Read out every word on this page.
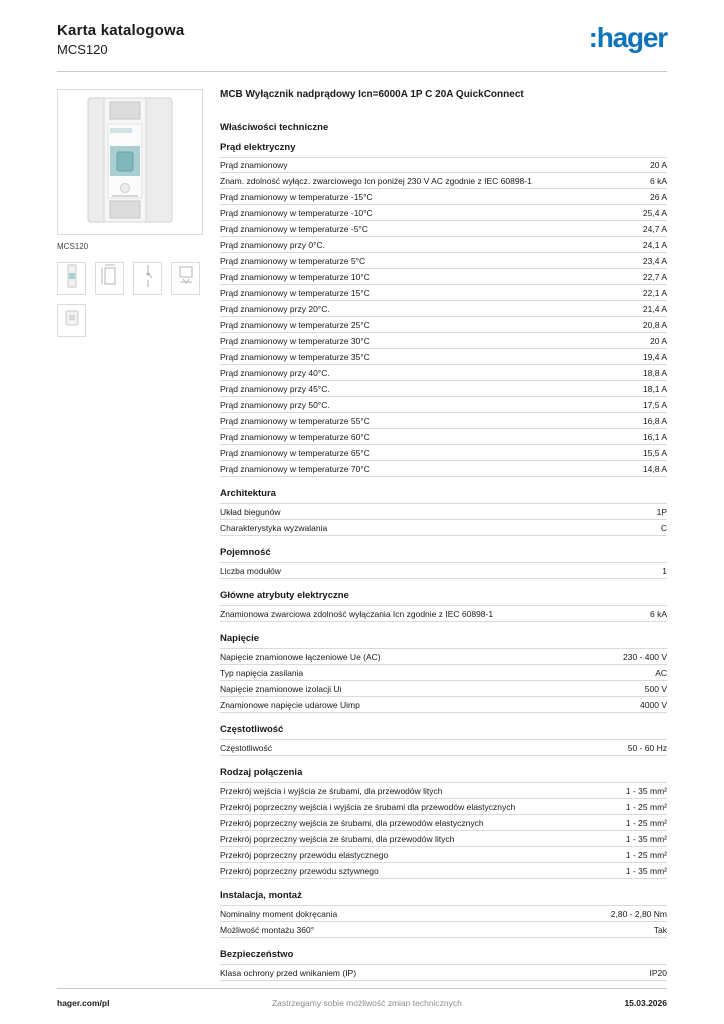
Karta katalogowa
MCS120	:hager
MCS120
MCB Wyłącznik nadprądowy Icn=6000A 1P C 20A QuickConnect
Właściwości techniczne
Prąd elektryczny
Prąd znamionowy	20 A
Znam. zdolność wyłącz. zwarciowego Icn poniżej 230 V AC zgodnie z IEC 60898-1	6 kA
Prąd znamionowy w temperaturze -15°C	26 A
Prąd znamionowy w temperaturze -10°C	25,4 A
Prąd znamionowy w temperaturze -5°C	24,7 A
Prąd znamionowy przy 0°C.	24,1 A
Prąd znamionowy w temperaturze 5°C	23,4 A
Prąd znamionowy w temperaturze 10°C	22,7 A
Prąd znamionowy w temperaturze 15°C	22,1 A
Prąd znamionowy przy 20°C.	21,4 A
Prąd znamionowy w temperaturze 25°C	20,8 A
Prąd znamionowy w temperaturze 30°C	20 A
Prąd znamionowy w temperaturze 35°C	19,4 A
Prąd znamionowy przy 40°C.	18,8 A
Prąd znamionowy przy 45°C.	18,1 A
Prąd znamionowy przy 50°C.	17,5 A
Prąd znamionowy w temperaturze 55°C	16,8 A
Prąd znamionowy w temperaturze 60°C	16,1 A
Prąd znamionowy w temperaturze 65°C	15,5 A
Prąd znamionowy w temperaturze 70°C	14,8 A
Architektura
Układ biegunów	1P
Charakterystyka wyzwalania	C
Pojemność
Liczba modułów	1
Główne atrybuty elektryczne
Znamionowa zwarciowa zdolność wyłączania Icn zgodnie z IEC 60898-1	6 kA
Napięcie
Napięcie znamionowe łączeniowe Ue (AC)	230 - 400 V
Typ napięcia zasilania	AC
Napięcie znamionowe izolacji Ui	500 V
Znamionowe napięcie udarowe Uimp	4000 V
Częstotliwość
Częstotliwość	50 - 60 Hz
Rodzaj połączenia
Przekrój wejścia i wyjścia ze śrubami, dla przewodów litych	1 - 35 mm²
Przekrój poprzeczny wejścia i wyjścia ze śrubami dla przewodów elastycznych	1 - 25 mm²
Przekrój poprzeczny wejścia ze śrubami, dla przewodów elastycznych	1 - 25 mm²
Przekrój poprzeczny wejścia ze śrubami, dla przewodów litych	1 - 35 mm²
Przekrój poprzeczny przewodu elastycznego	1 - 25 mm²
Przekrój poprzeczny przewodu sztywnego	1 - 35 mm²
Instalacja, montaż
Nominalny moment dokręcania	2,80 - 2,80 Nm
Możliwość montażu 360°	Tak
Bezpieczeństwo
Klasa ochrony przed wnikaniem (IP)	IP20
hager.com/pl	Zastrzegamy sobie możliwość zmian technicznych	15.03.2026
